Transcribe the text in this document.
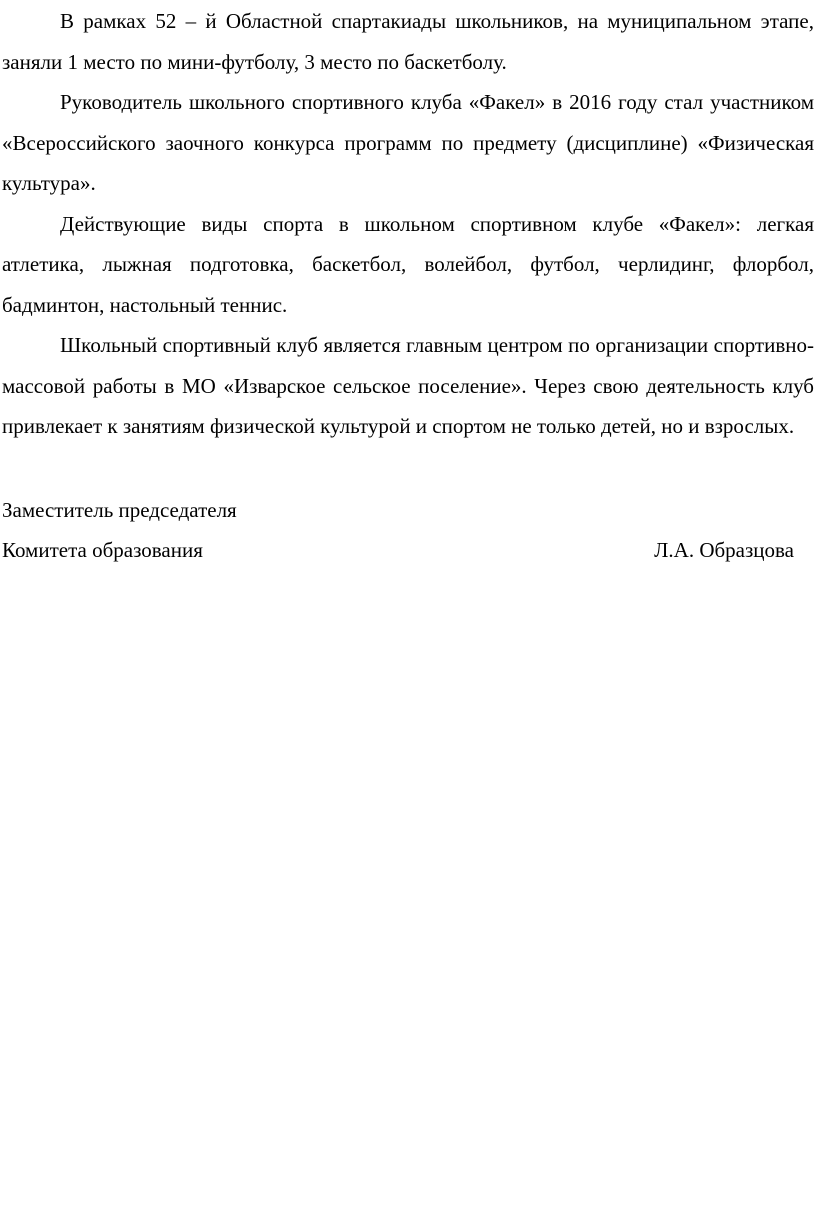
В рамках 52 – й Областной спартакиады школьников, на муниципальном этапе, заняли 1 место по мини-футболу, 3 место по баскетболу.

Руководитель школьного спортивного клуба «Факел» в 2016 году стал участником «Всероссийского заочного конкурса программ по предмету (дисциплине) «Физическая культура».

Действующие виды спорта в школьном спортивном клубе «Факел»: легкая атлетика, лыжная подготовка, баскетбол, волейбол, футбол, черлидинг, флорбол, бадминтон, настольный теннис.

Школьный спортивный клуб является главным центром по организации спортивно-массовой работы в МО «Изварское сельское поселение». Через свою деятельность клуб привлекает к занятиям физической культурой и спортом не только детей, но и взрослых.

Заместитель председателя
Комитета образования	Л.А. Образцова
